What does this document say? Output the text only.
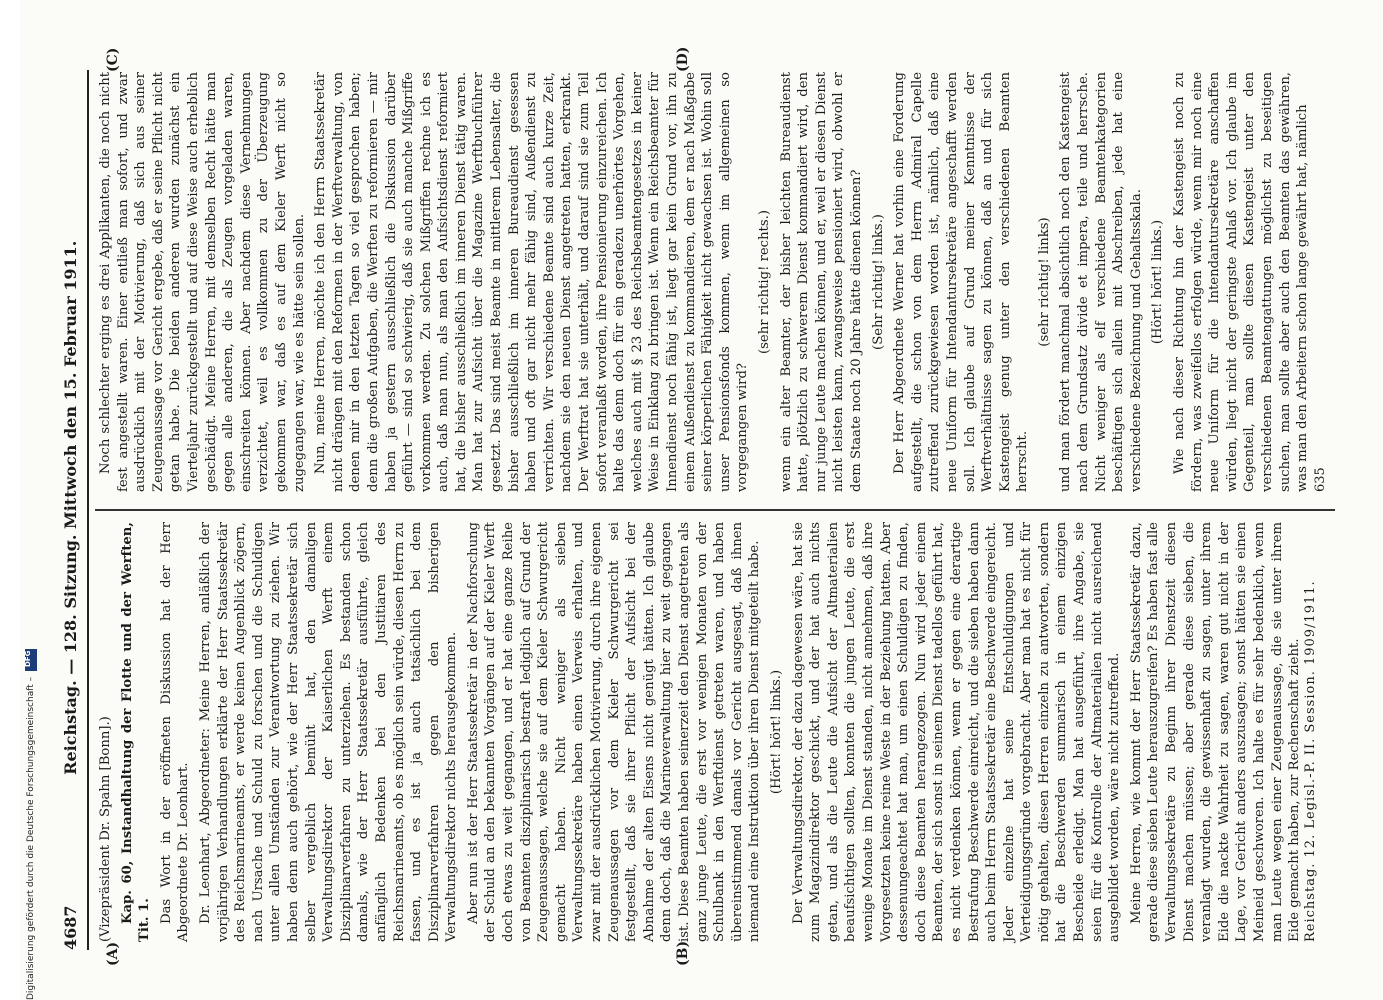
Digitalisierung gefördert durch die Deutsche Forschungsgemeinschaft –
DFG
4687
Reichstag. — 128. Sitzung. Mittwoch den 15. Februar 1911.
(A)	(B)
(C)	(D)

(Vizepräsident Dr. Spahn [Bonn].) Kap. 60, Instandhaltung der Flotte und der Werften, Tit. 1. Das Wort in der eröffneten Diskussion hat der Herr Abgeordnete Dr. Leonhart. Dr. Leonhart, Abgeordneter: Meine Herren, anläßlich der vorjährigen Verhandlungen erklärte der Herr Staatssekretär des Reichsmarineamts, er werde keinen Augenblick zögern, nach Ursache und Schuld zu forschen und die Schuldigen unter allen Umständen zur Verantwortung zu ziehen. Wir haben denn auch gehört, wie der Herr Staatssekretär sich selber vergeblich bemüht hat, den damaligen Verwaltungsdirektor der Kaiserlichen Werft einem Disziplinarverfahren zu unterziehen. Es bestanden schon damals, wie der Herr Staatssekretär ausführte, gleich anfänglich Bedenken bei den Justitiaren des Reichsmarineamts, ob es möglich sein würde, diesen Herrn zu fassen, und es ist ja auch tatsächlich bei dem Disziplinarverfahren gegen den bisherigen Verwaltungsdirektor nichts herausgekommen. Aber nun ist der Herr Staatssekretär in der Nachforschung der Schuld an den bekannten Vorgängen auf der Kieler Werft doch etwas zu weit gegangen, und er hat eine ganze Reihe von Beamten disziplinarisch bestraft lediglich auf Grund der Zeugenaussagen, welche sie auf dem Kieler Schwurgericht gemacht haben. Nicht weniger als sieben Verwaltungssekretäre haben einen Verweis erhalten, und zwar mit der ausdrücklichen Motivierung, durch ihre eigenen Zeugenaussagen vor dem Kieler Schwurgericht sei festgestellt, daß sie ihrer Pflicht der Aufsicht bei der Abnahme der alten Eisens nicht genügt hätten. Ich glaube denn doch, daß die Marineverwaltung hier zu weit gegangen ist. Diese Beamten haben seinerzeit den Dienst angetreten als ganz junge Leute, die erst vor wenigen Monaten von der Schulbank in den Werftdienst getreten waren, und haben übereinstimmend damals vor Gericht ausgesagt, daß ihnen niemand eine Instruktion über ihren Dienst mitgeteilt habe. (Hört! hört! links.) Der Verwaltungsdirektor, der dazu dagewesen wäre, hat sie zum Magazindirektor geschickt, und der hat auch nichts getan, und als die Leute die Aufsicht der Altmaterialien beaufsichtigen sollten, konnten die jungen Leute, die erst wenige Monate im Dienst standen, nicht annehmen, daß ihre Vorgesetzten keine reine Weste in der Beziehung hatten. Aber dessenungeachtet hat man, um einen Schuldigen zu finden, doch diese Beamten herangezogen. Nun wird jeder einem Beamten, der sich sonst in seinem Dienst tadellos geführt hat, es nicht verdenken können, wenn er gegen eine derartige Bestrafung Beschwerde einreicht, und die sieben haben dann auch beim Herrn Staatssekretär eine Beschwerde eingereicht. Jeder einzelne hat seine Entschuldigungen und Verteidigungsgründe vorgebracht. Aber man hat es nicht für nötig gehalten, diesen Herren einzeln zu antworten, sondern hat die Beschwerden summarisch in einem einzigen Bescheide erledigt. Man hat ausgeführt, ihre Angabe, sie seien für die Kontrolle der Altmaterialien nicht ausreichend ausgebildet worden, wäre nicht zutreffend. Meine Herren, wie kommt der Herr Staatssekretär dazu, gerade diese sieben Leute herauszugreifen? Es haben fast alle Verwaltungssekretäre zu Beginn ihrer Dienstzeit diesen Dienst machen müssen; aber gerade diese sieben, die veranlagt wurden, die gewissenhaft zu sagen, unter ihrem Eide die nackte Wahrheit zu sagen, waren gut nicht in der Lage, vor Gericht anders auszusagen; sonst hätten sie einen Meineid geschworen. Ich halte es für sehr bedenklich, wenn man Leute wegen einer Zeugenaussage, die sie unter ihrem Eide gemacht haben, zur Rechenschaft zieht.

Noch schlechter erging es drei Applikanten, die noch nicht fest angestellt waren. Einer entließ man sofort, und zwar ausdrücklich mit der Motivierung, daß sich aus seiner Zeugenaussage vor Gericht ergebe, daß er seine Pflicht nicht getan habe. Die beiden anderen wurden zunächst ein Vierteljahr zurückgestellt und auf diese Weise auch erheblich geschädigt. Meine Herren, mit demselben Recht hätte man gegen alle anderen, die als Zeugen vorgeladen waren, einschreiten können. Aber nachdem diese Vernehmungen verzichtet, weil es vollkommen zu der Überzeugung gekommen war, daß es auf dem Kieler Werft nicht so zugegangen war, wie es hätte sein sollen. Nun, meine Herren, möchte ich den Herrn Staatssekretär nicht drängen mit den Reformen in der Werftverwaltung, von denen mir in den letzten Tagen so viel gesprochen haben; denn die großen Aufgaben, die Werften zu reformieren — mir haben ja gestern ausschließlich die Diskussion darüber geführt — sind so schwierig, daß sie auch manche Mißgriffe vorkommen werden. Zu solchen Mißgriffen rechne ich es auch, daß man nun, als man den Aufsichtsdienst reformiert hat, die bisher ausschließlich im inneren Dienst tätig waren. Man hat zur Aufsicht über die Magazine Werftbuchführer gesetzt. Das sind meist Beamte in mittlerem Lebensalter, die bisher ausschließlich im inneren Bureaudienst gesessen haben und oft gar nicht mehr fähig sind, Außendienst zu verrichten. Wir verschiedene Beamte sind auch kurze Zeit, nachdem sie den neuen Dienst angetreten hatten, erkrankt. Der Werftrat hat sie unterhält, und darauf sind sie zum Teil sofort veranlaßt worden, ihre Pensionierung einzureichen. Ich halte das denn doch für ein geradezu unerhörtes Vorgehen, welches auch mit § 23 des Reichsbeamtengesetzes in keiner Weise in Einklang zu bringen ist. Wenn ein Reichsbeamter für Innendienst noch fähig ist, liegt gar kein Grund vor, ihn zu einem Außendienst zu kommandieren, dem er nach Maßgabe seiner körperlichen Fähigkeit nicht gewachsen ist. Wohin soll unser Pensionsfonds kommen, wenn im allgemeinen so vorgegangen wird?

(sehr richtig! rechts.) wenn ein alter Beamter, der bisher leichten Bureaudienst hatte, plötzlich zu schwerem Dienst kommandiert wird, den nur junge Leute machen können, und er, weil er diesen Dienst nicht leisten kann, zwangsweise pensioniert wird, obwohl er dem Staate noch 20 Jahre hätte dienen können? (Sehr richtig! links.) Der Herr Abgeordnete Werner hat vorhin eine Forderung aufgestellt, die schon von dem Herrn Admiral Capelle zutreffend zurückgewiesen worden ist, nämlich, daß eine neue Uniform für Intendantursekretäre angeschafft werden soll. Ich glaube auf Grund meiner Kenntnisse der Werftverhältnisse sagen zu können, daß an und für sich Kastengeist genug unter den verschiedenen Beamten herrscht.

(sehr richtig! links) und man fördert manchmal absichtlich noch den Kastengeist nach dem Grundsatz divide et impera, teile und herrsche. Nicht weniger als elf verschiedene Beamtenkategorien beschäftigen sich allein mit Abschreiben, jede hat eine verschiedene Bezeichnung und Gehaltsskala. (Hört! hört! links.) Wie nach dieser Richtung hin der Kastengeist noch zu fördern, was zweifellos erfolgen würde, wenn mir noch eine neue Uniform für die Intendantursekretäre anschaffen würden, liegt nicht der geringste Anlaß vor. Ich glaube im Gegenteil, man sollte diesen Kastengeist unter den verschiedenen Beamtengattungen möglichst zu beseitigen suchen, man sollte aber auch den Beamten das gewähren, was man den Arbeitern schon lange gewährt hat, nämlich

Reichstag. 12. Legisl.-P. II. Session. 1909/1911.
635
